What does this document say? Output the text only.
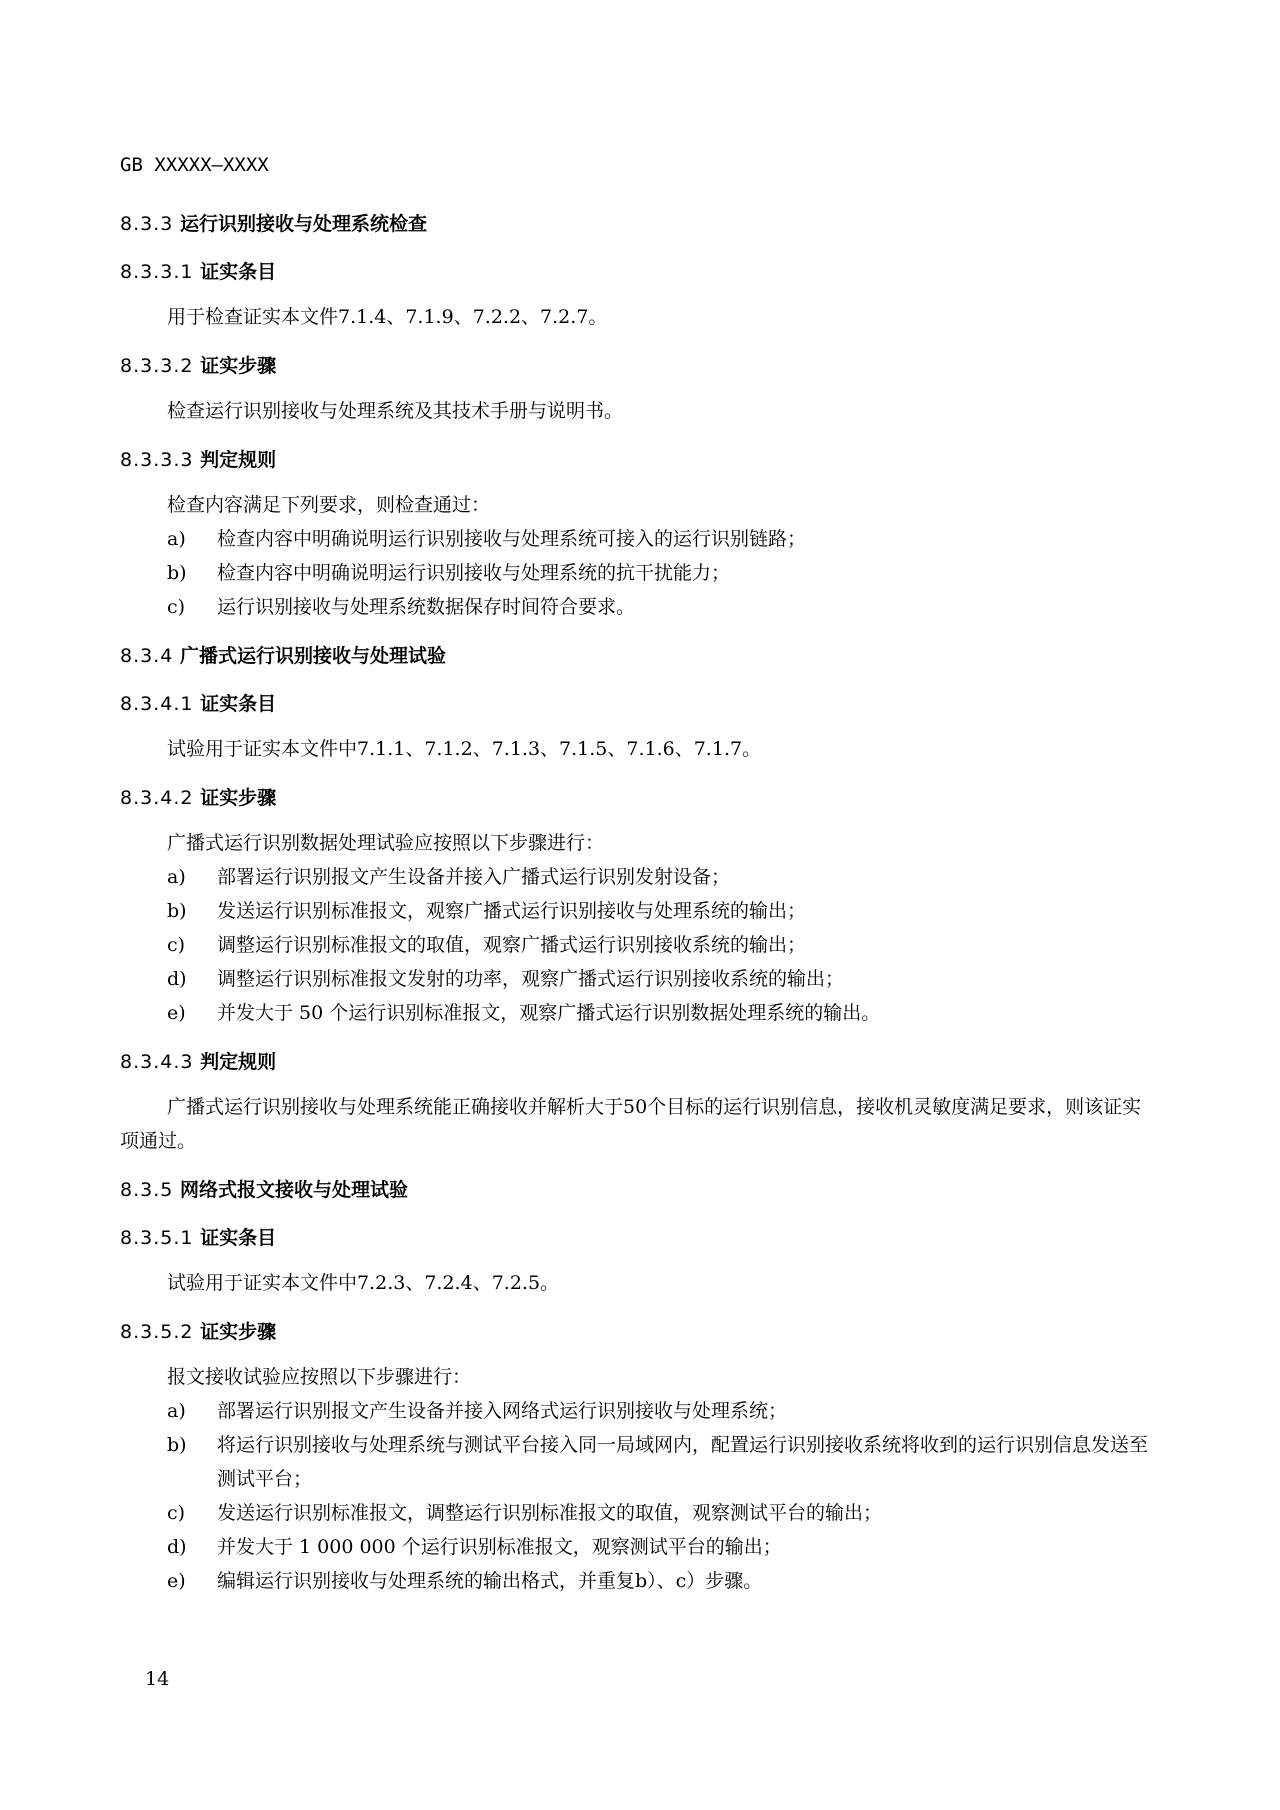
GB XXXXX—XXXX
8.3.3 运行识别接收与处理系统检查
8.3.3.1 证实条目
用于检查证实本文件7.1.4、7.1.9、7.2.2、7.2.7。
8.3.3.2 证实步骤
检查运行识别接收与处理系统及其技术手册与说明书。
8.3.3.3 判定规则
检查内容满足下列要求，则检查通过：
a) 检查内容中明确说明运行识别接收与处理系统可接入的运行识别链路；
b) 检查内容中明确说明运行识别接收与处理系统的抗干扰能力；
c) 运行识别接收与处理系统数据保存时间符合要求。
8.3.4 广播式运行识别接收与处理试验
8.3.4.1 证实条目
试验用于证实本文件中7.1.1、7.1.2、7.1.3、7.1.5、7.1.6、7.1.7。
8.3.4.2 证实步骤
广播式运行识别数据处理试验应按照以下步骤进行：
a) 部署运行识别报文产生设备并接入广播式运行识别发射设备；
b) 发送运行识别标准报文，观察广播式运行识别接收与处理系统的输出；
c) 调整运行识别标准报文的取值，观察广播式运行识别接收系统的输出；
d) 调整运行识别标准报文发射的功率，观察广播式运行识别接收系统的输出；
e) 并发大于 50 个运行识别标准报文，观察广播式运行识别数据处理系统的输出。
8.3.4.3 判定规则
广播式运行识别接收与处理系统能正确接收并解析大于50个目标的运行识别信息，接收机灵敏度满足要求，则该证实项通过。
8.3.5 网络式报文接收与处理试验
8.3.5.1 证实条目
试验用于证实本文件中7.2.3、7.2.4、7.2.5。
8.3.5.2 证实步骤
报文接收试验应按照以下步骤进行：
a) 部署运行识别报文产生设备并接入网络式运行识别接收与处理系统；
b) 将运行识别接收与处理系统与测试平台接入同一局域网内，配置运行识别接收系统将收到的运行识别信息发送至测试平台；
c) 发送运行识别标准报文，调整运行识别标准报文的取值，观察测试平台的输出；
d) 并发大于 1 000 000 个运行识别标准报文，观察测试平台的输出；
e) 编辑运行识别接收与处理系统的输出格式，并重复b）、c）步骤。
14
